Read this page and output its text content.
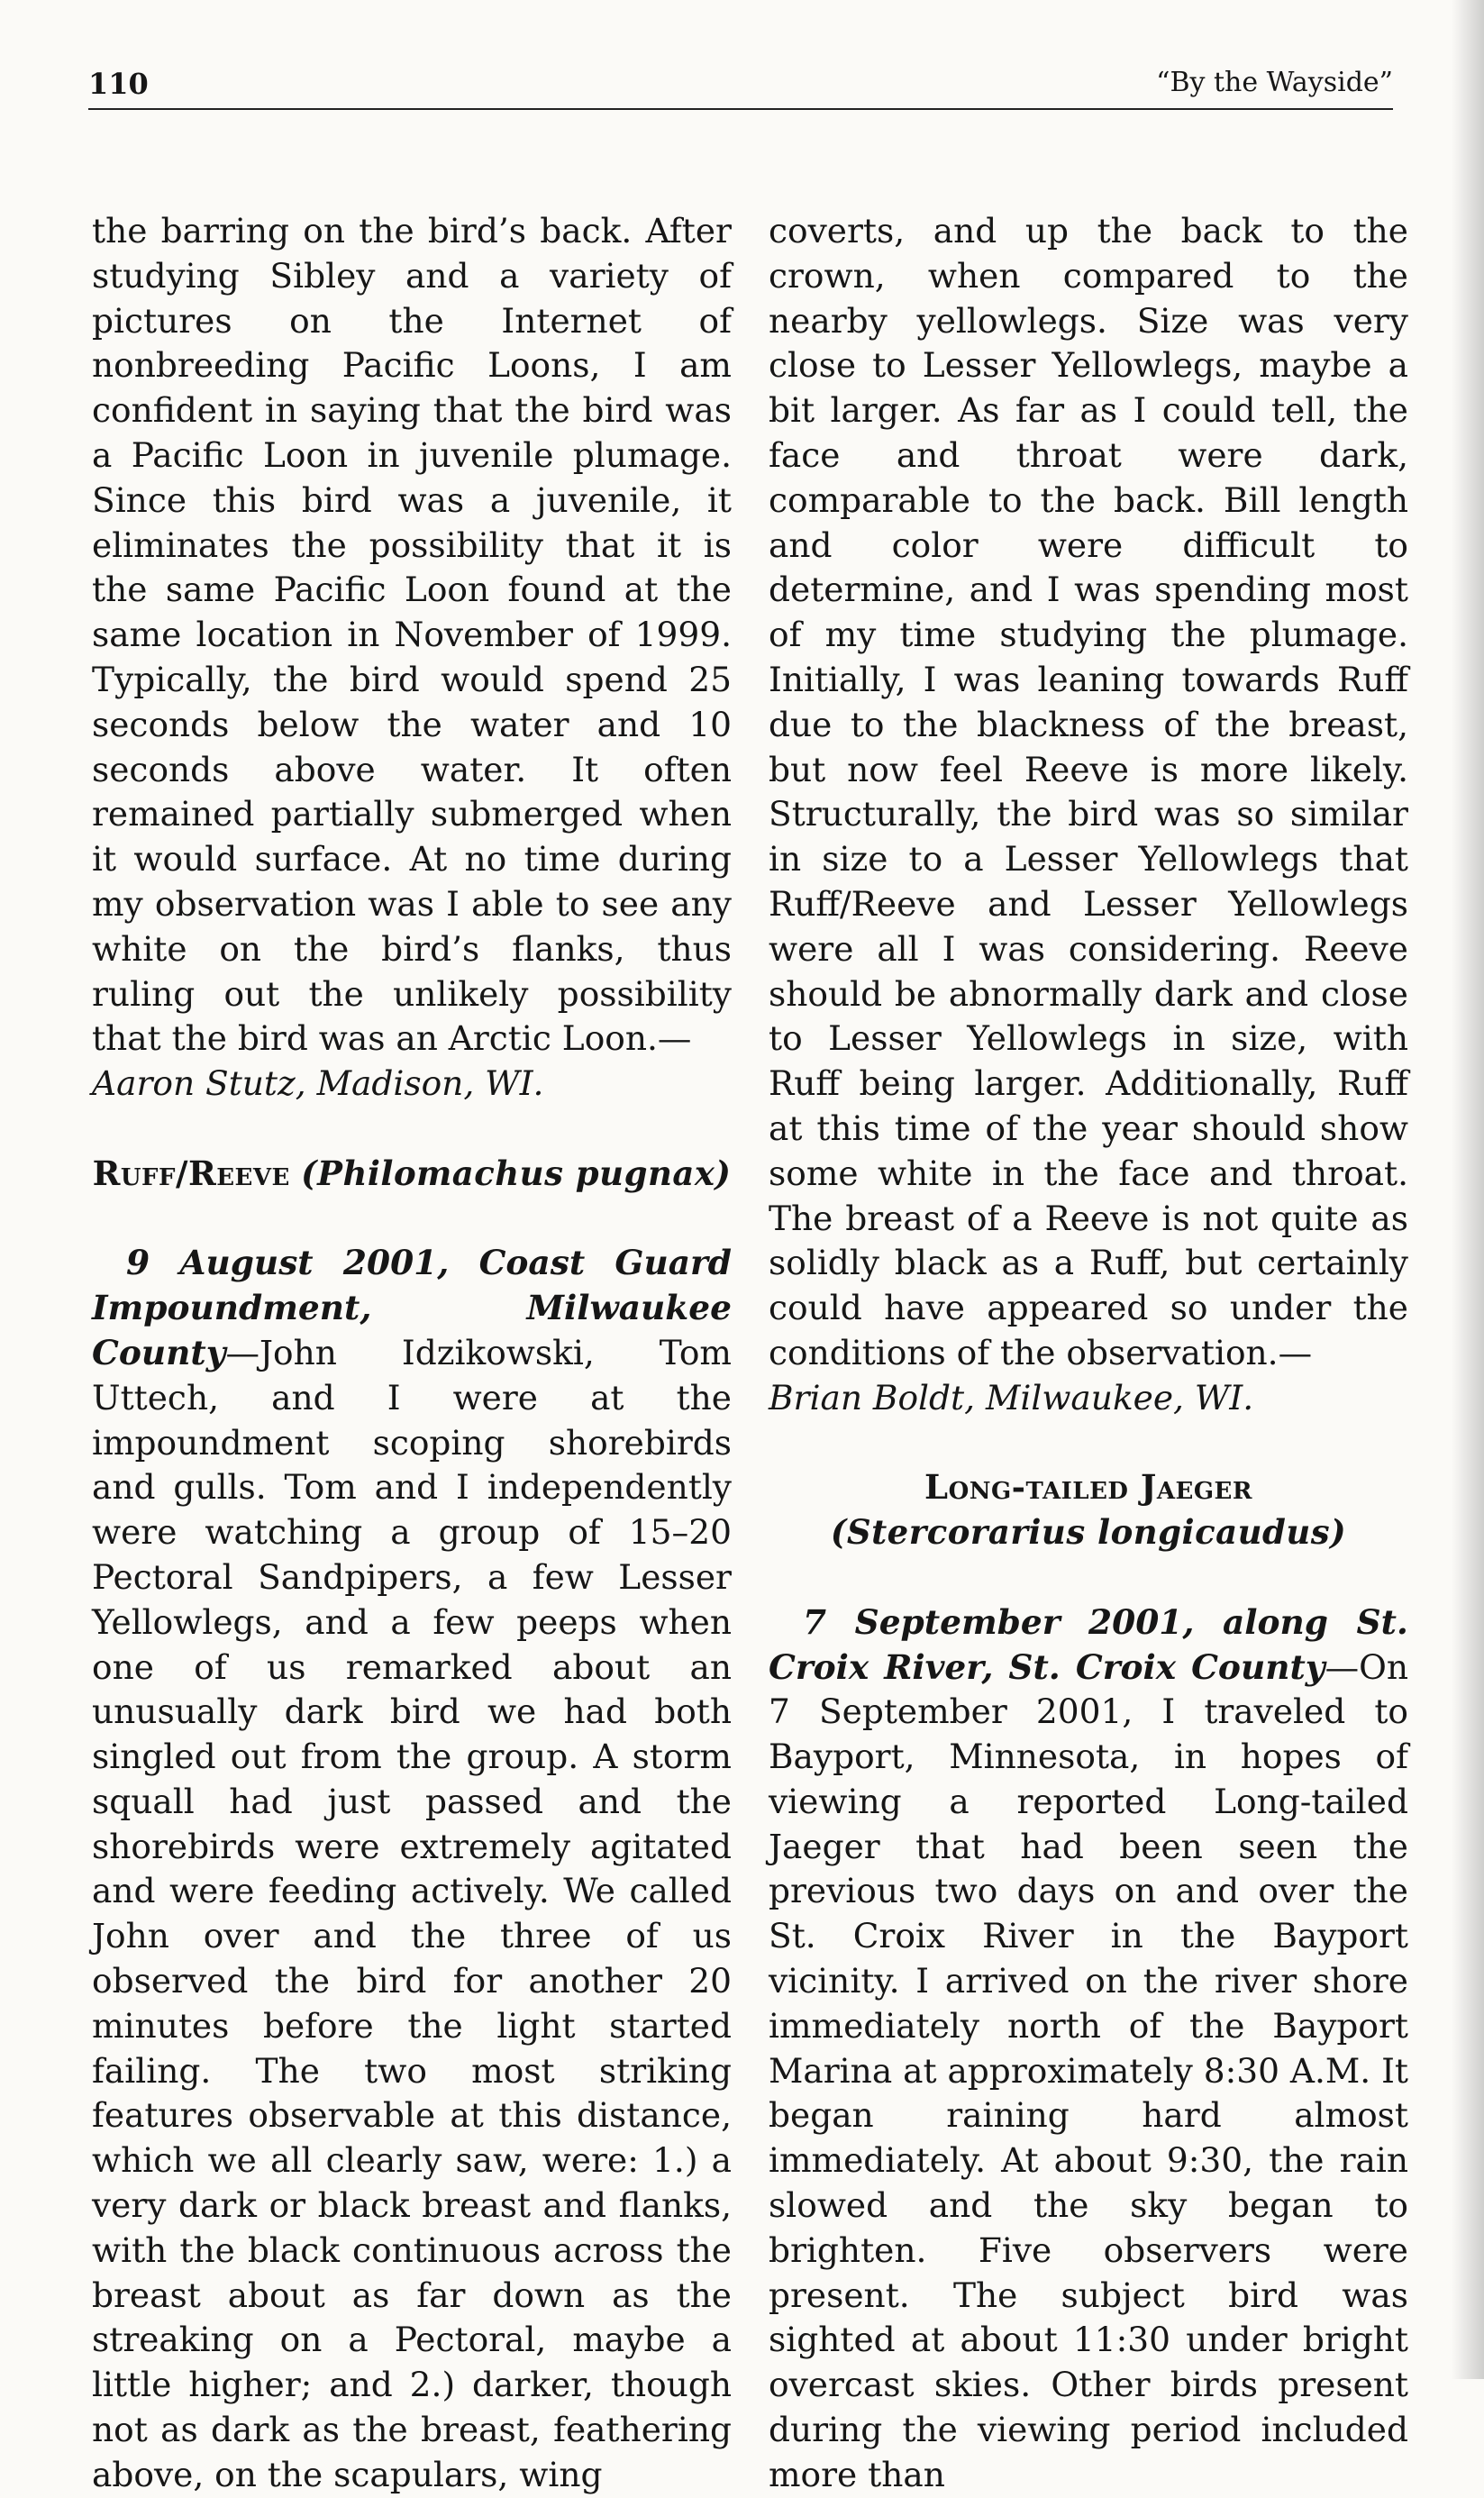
110	“By the Wayside”

the barring on the bird’s back. After studying Sibley and a variety of pictures on the Internet of nonbreeding Pacific Loons, I am confident in saying that the bird was a Pacific Loon in juvenile plumage. Since this bird was a juvenile, it eliminates the possibility that it is the same Pacific Loon found at the same location in November of 1999. Typically, the bird would spend 25 seconds below the water and 10 seconds above water. It often remained partially submerged when it would surface. At no time during my observation was I able to see any white on the bird’s flanks, thus ruling out the unlikely possibility that the bird was an Arctic Loon.—
Aaron Stutz, Madison, WI.

Ruff/Reeve (Philomachus pugnax)

9 August 2001, Coast Guard Impoundment, Milwaukee County—John Idzikowski, Tom Uttech, and I were at the impoundment scoping shorebirds and gulls. Tom and I independently were watching a group of 15–20 Pectoral Sandpipers, a few Lesser Yellowlegs, and a few peeps when one of us remarked about an unusually dark bird we had both singled out from the group. A storm squall had just passed and the shorebirds were extremely agitated and were feeding actively. We called John over and the three of us observed the bird for another 20 minutes before the light started failing. The two most striking features observable at this distance, which we all clearly saw, were: 1.) a very dark or black breast and flanks, with the black continuous across the breast about as far down as the streaking on a Pectoral, maybe a little higher; and 2.) darker, though not as dark as the breast, feathering above, on the scapulars, wing

coverts, and up the back to the crown, when compared to the nearby yellowlegs. Size was very close to Lesser Yellowlegs, maybe a bit larger. As far as I could tell, the face and throat were dark, comparable to the back. Bill length and color were difficult to determine, and I was spending most of my time studying the plumage. Initially, I was leaning towards Ruff due to the blackness of the breast, but now feel Reeve is more likely. Structurally, the bird was so similar in size to a Lesser Yellowlegs that Ruff/Reeve and Lesser Yellowlegs were all I was considering. Reeve should be abnormally dark and close to Lesser Yellowlegs in size, with Ruff being larger. Additionally, Ruff at this time of the year should show some white in the face and throat. The breast of a Reeve is not quite as solidly black as a Ruff, but certainly could have appeared so under the conditions of the observation.—
Brian Boldt, Milwaukee, WI.

Long-tailed Jaeger
(Stercorarius longicaudus)

7 September 2001, along St. Croix River, St. Croix County—On 7 September 2001, I traveled to Bayport, Minnesota, in hopes of viewing a reported Long-tailed Jaeger that had been seen the previous two days on and over the St. Croix River in the Bayport vicinity. I arrived on the river shore immediately north of the Bayport Marina at approximately 8:30 A.M. It began raining hard almost immediately. At about 9:30, the rain slowed and the sky began to brighten. Five observers were present. The subject bird was sighted at about 11:30 under bright overcast skies. Other birds present during the viewing period included more than
